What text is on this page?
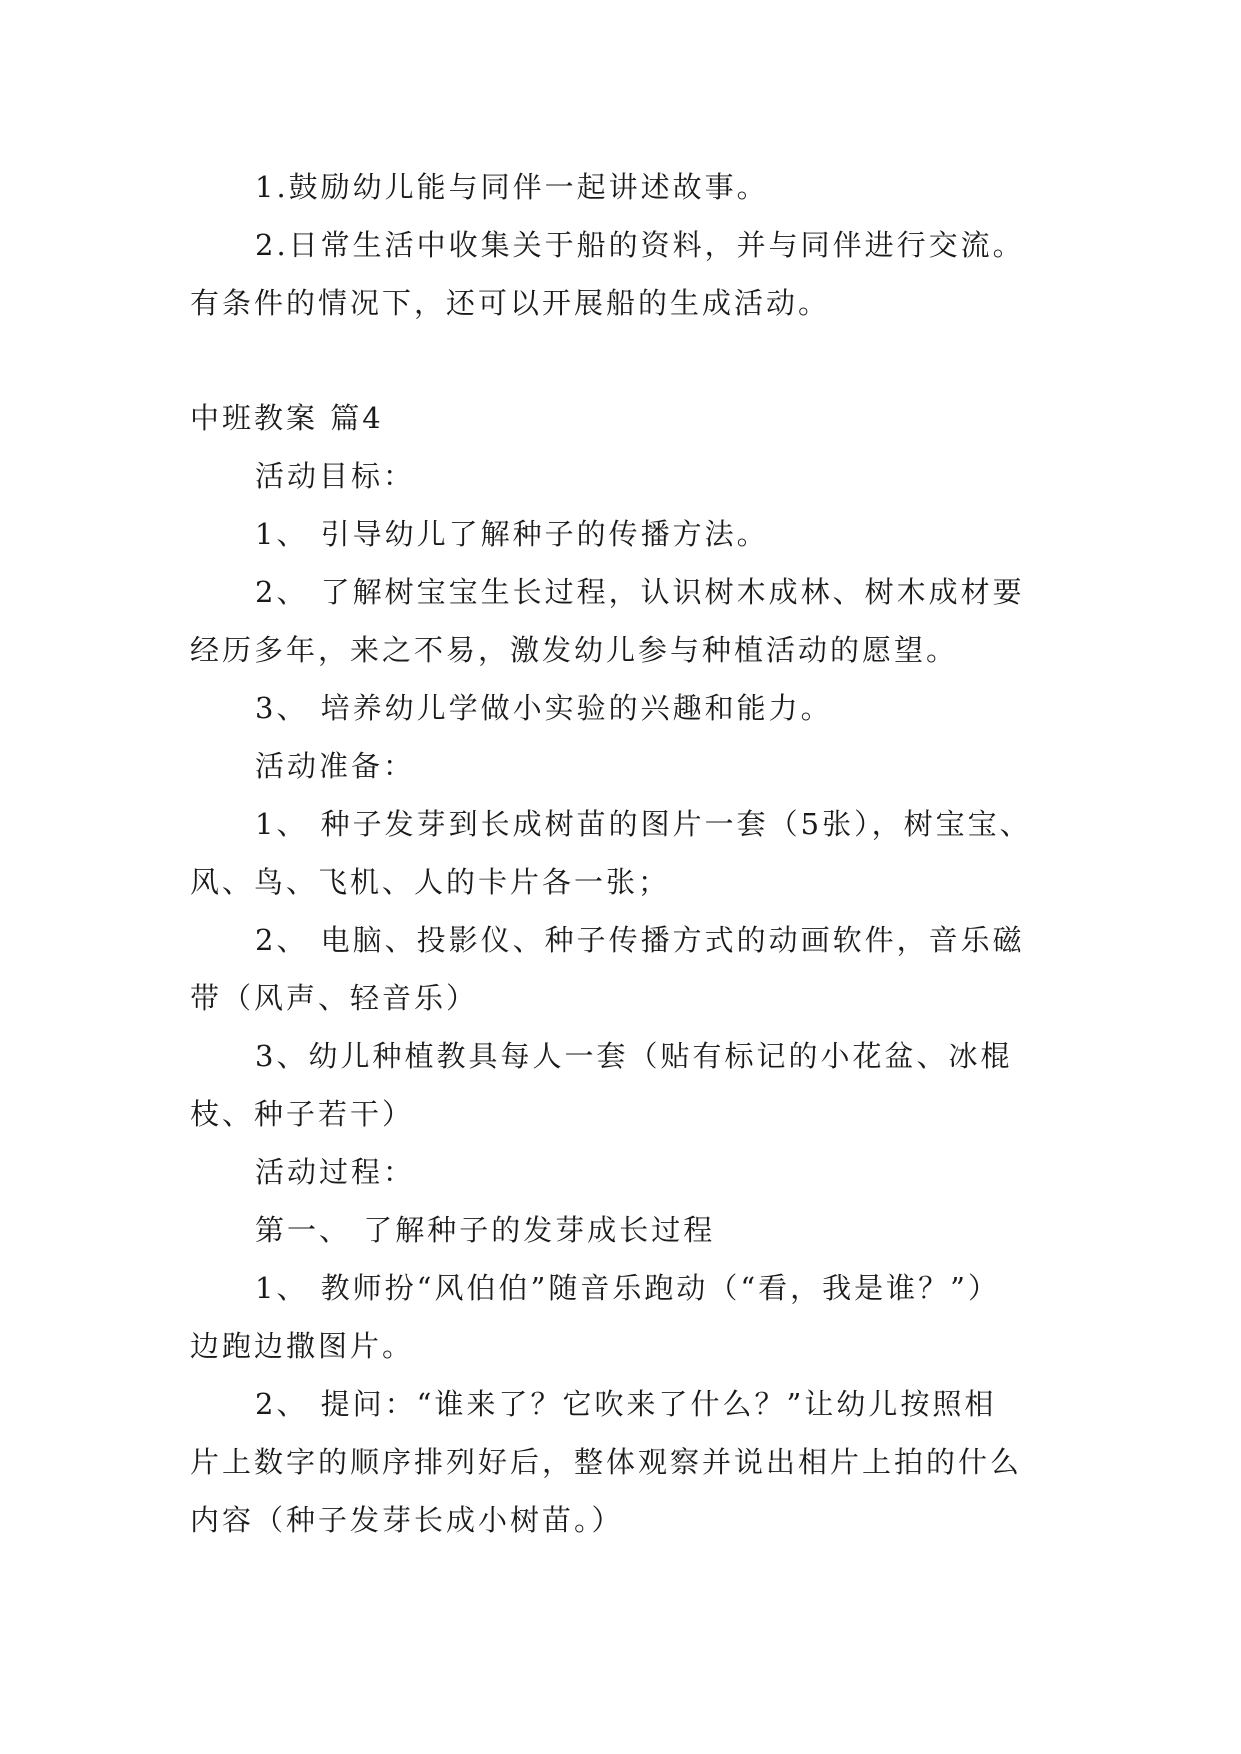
1.鼓励幼儿能与同伴一起讲述故事。
2.日常生活中收集关于船的资料，并与同伴进行交流。
有条件的情况下，还可以开展船的生成活动。
中班教案 篇4
活动目标：
1、 引导幼儿了解种子的传播方法。
2、 了解树宝宝生长过程，认识树木成林、树木成材要
经历多年，来之不易，激发幼儿参与种植活动的愿望。
3、 培养幼儿学做小实验的兴趣和能力。
活动准备：
1、 种子发芽到长成树苗的图片一套（5张），树宝宝、
风、鸟、飞机、人的卡片各一张；
2、 电脑、投影仪、种子传播方式的动画软件，音乐磁
带（风声、轻音乐）
3、幼儿种植教具每人一套（贴有标记的小花盆、冰棍
枝、种子若干）
活动过程：
第一、 了解种子的发芽成长过程
1、 教师扮“风伯伯”随音乐跑动（“看，我是谁？”）
边跑边撒图片。
2、 提问：“谁来了？它吹来了什么？”让幼儿按照相
片上数字的顺序排列好后，整体观察并说出相片上拍的什么
内容（种子发芽长成小树苗。）
